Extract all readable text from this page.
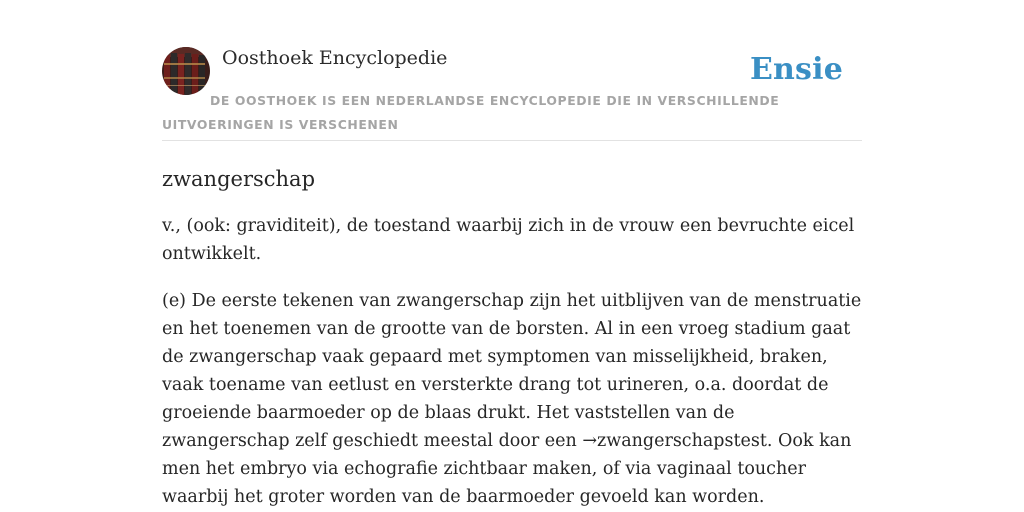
Oosthoek Encyclopedie	Ensie
DE OOSTHOEK IS EEN NEDERLANDSE ENCYCLOPEDIE DIE IN VERSCHILLENDE UITVOERINGEN IS VERSCHENEN
zwangerschap

v., (ook: graviditeit), de toestand waarbij zich in de vrouw een bevruchte eicel ontwikkelt.

(e) De eerste tekenen van zwangerschap zijn het uitblijven van de menstruatie en het toenemen van de grootte van de borsten. Al in een vroeg stadium gaat de zwangerschap vaak gepaard met symptomen van misselijkheid, braken, vaak toename van eetlust en versterkte drang tot urineren, o.a. doordat de groeiende baarmoeder op de blaas drukt. Het vaststellen van de zwangerschap zelf geschiedt meestal door een →zwangerschapstest. Ook kan men het embryo via echografie zichtbaar maken, of via vaginaal toucher waarbij het groter worden van de baarmoeder gevoeld kan worden.
